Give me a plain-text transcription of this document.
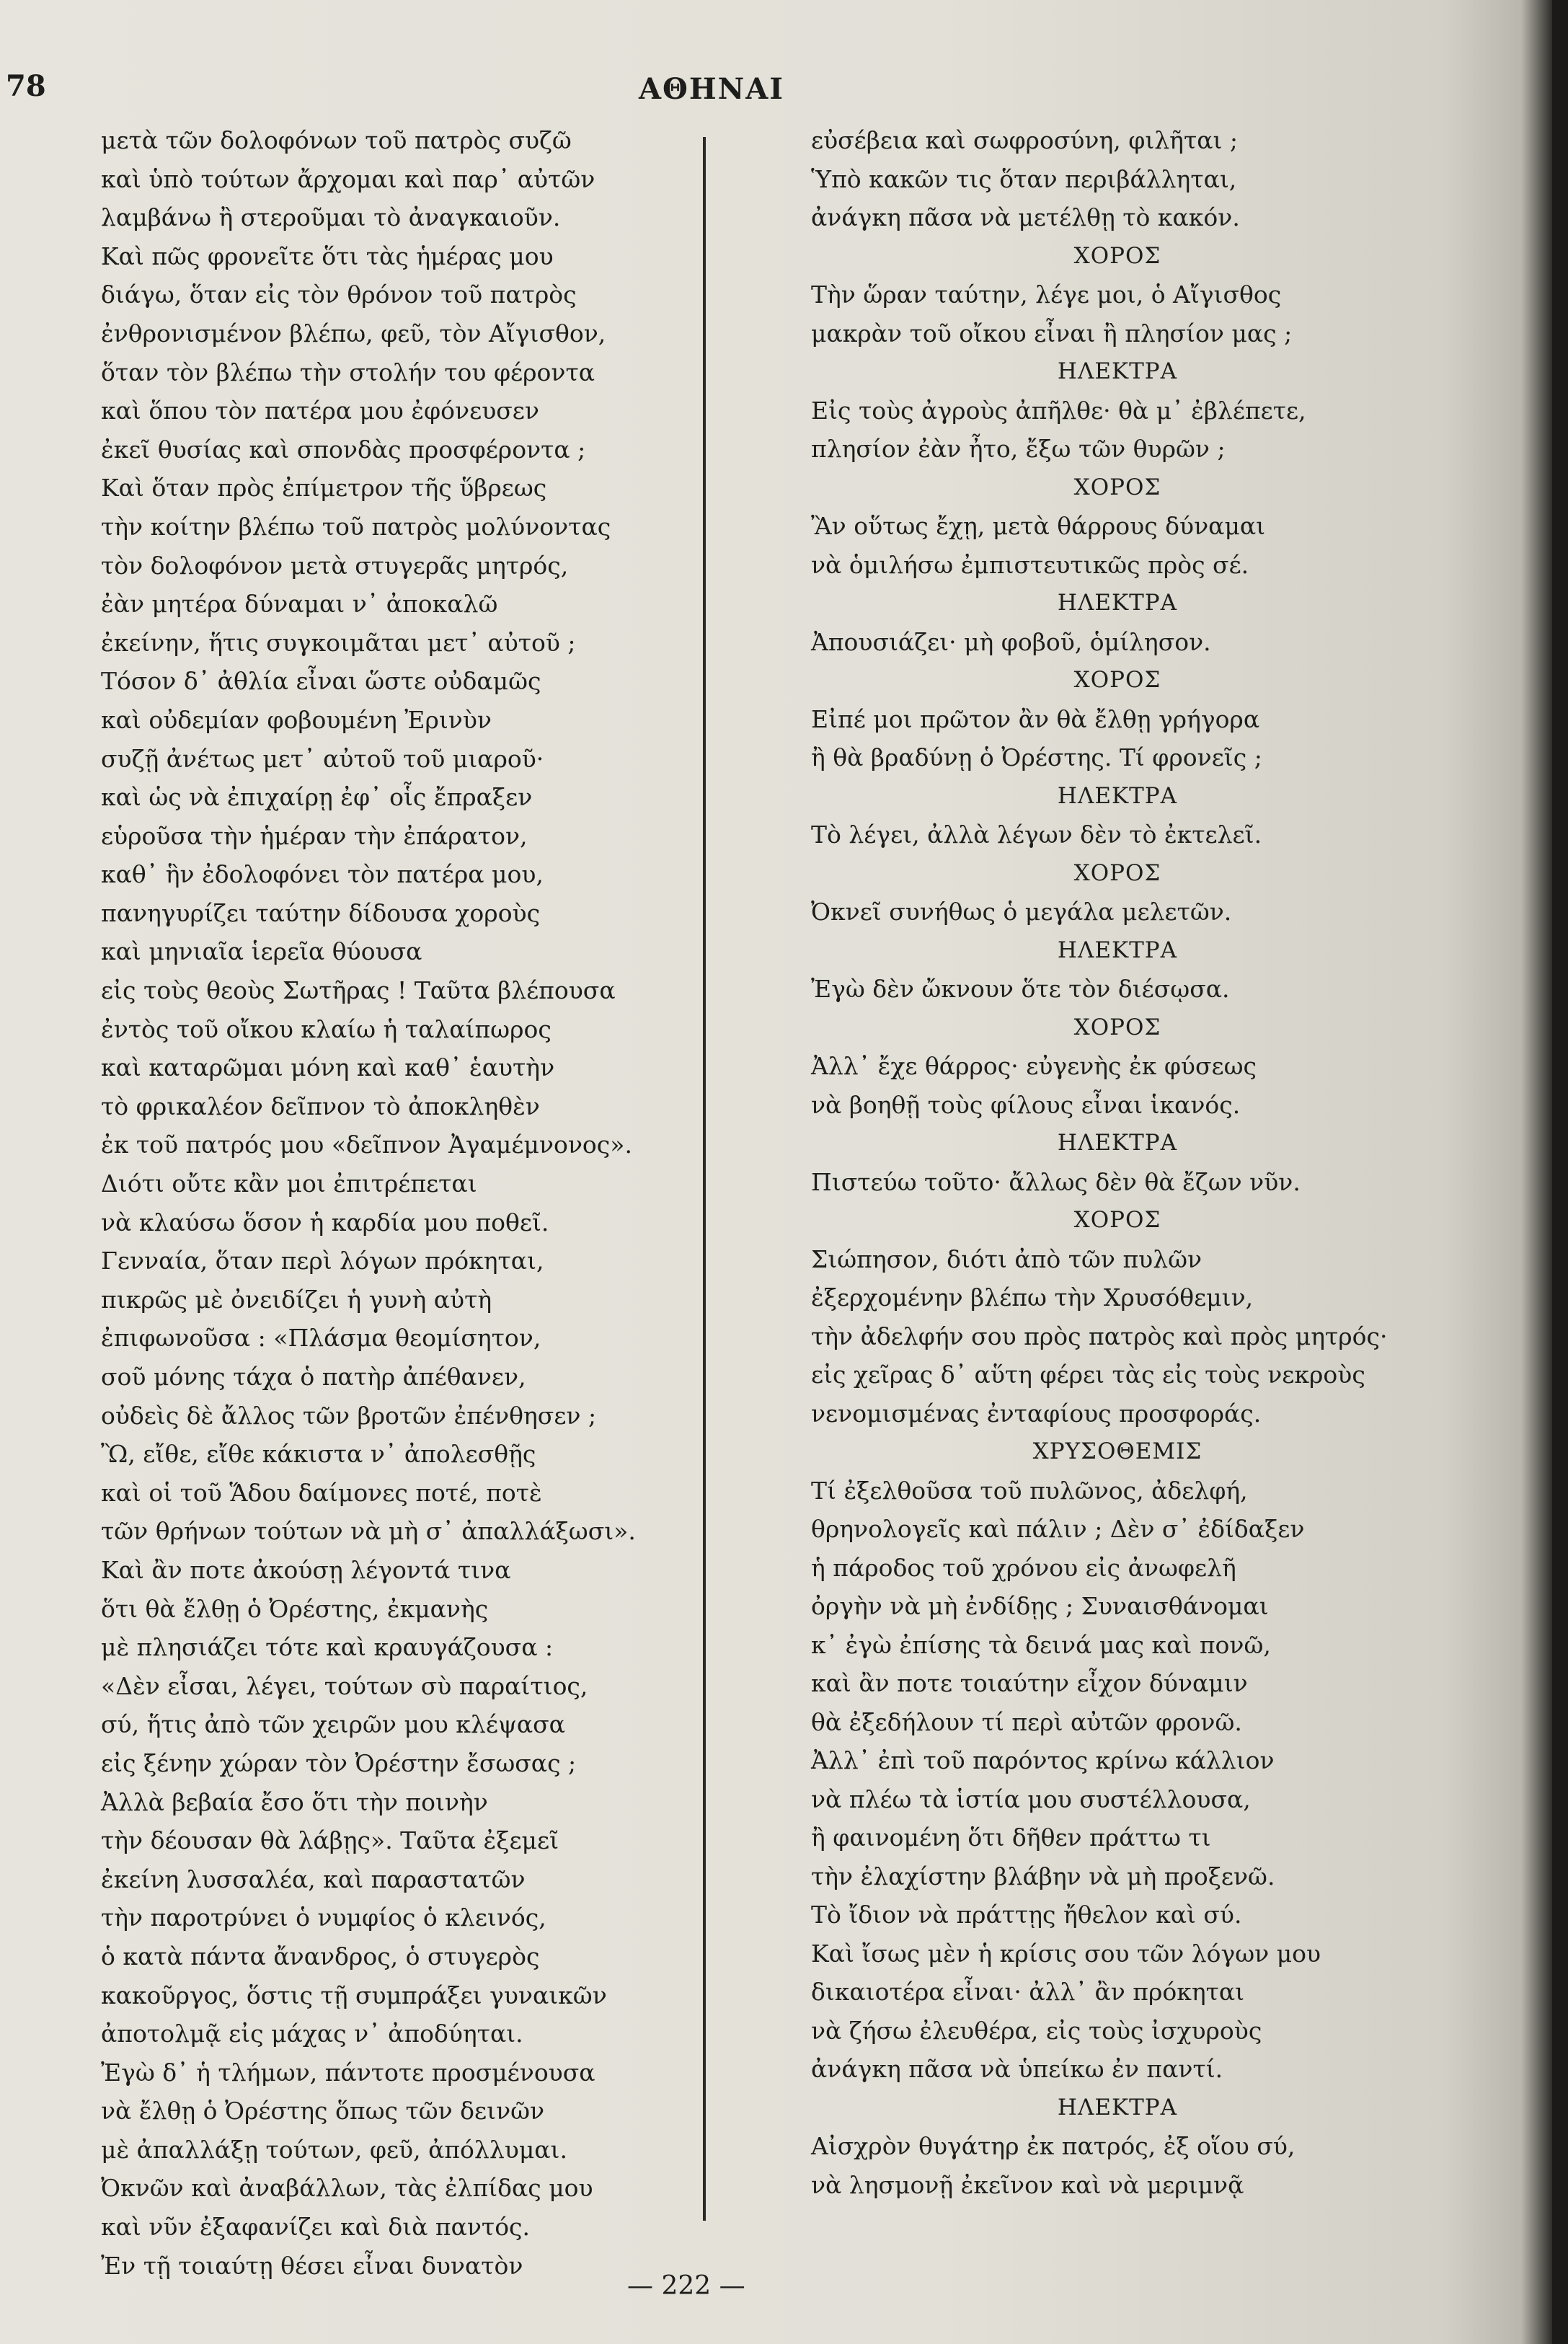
78	ΑΘΗΝΑΙ
μετὰ τῶν δολοφόνων τοῦ πατρὸς συζῶ
καὶ ὑπὸ τούτων ἄρχομαι καὶ παρ᾽ αὐτῶν
λαμβάνω ἢ στεροῦμαι τὸ ἀναγκαιοῦν.
Καὶ πῶς φρονεῖτε ὅτι τὰς ἡμέρας μου
διάγω, ὅταν εἰς τὸν θρόνον τοῦ πατρὸς
ἐνθρονισμένον βλέπω, φεῦ, τὸν Αἴγισθον,
ὅταν τὸν βλέπω τὴν στολήν του φέροντα
καὶ ὅπου τὸν πατέρα μου ἐφόνευσεν
ἐκεῖ θυσίας καὶ σπονδὰς προσφέροντα ;
Καὶ ὅταν πρὸς ἐπίμετρον τῆς ὕβρεως
τὴν κοίτην βλέπω τοῦ πατρὸς μολύνοντας
τὸν δολοφόνον μετὰ στυγερᾶς μητρός,
ἐὰν μητέρα δύναμαι ν᾽ ἀποκαλῶ
ἐκείνην, ἥτις συγκοιμᾶται μετ᾽ αὐτοῦ ;
Τόσον δ᾽ ἀθλία εἶναι ὥστε οὐδαμῶς
καὶ οὐδεμίαν φοβουμένη Ἐρινὺν
συζῇ ἀνέτως μετ᾽ αὐτοῦ τοῦ μιαροῦ·
καὶ ὡς νὰ ἐπιχαίρῃ ἐφ᾽ οἷς ἔπραξεν
εὑροῦσα τὴν ἡμέραν τὴν ἐπάρατον,
καθ᾽ ἣν ἐδολοφόνει τὸν πατέρα μου,
πανηγυρίζει ταύτην δίδουσα χοροὺς
καὶ μηνιαῖα ἱερεῖα θύουσα
εἰς τοὺς θεοὺς Σωτῆρας ! Ταῦτα βλέπουσα
ἐντὸς τοῦ οἴκου κλαίω ἡ ταλαίπωρος
καὶ καταρῶμαι μόνη καὶ καθ᾽ ἑαυτὴν
τὸ φρικαλέον δεῖπνον τὸ ἀποκληθὲν
ἐκ τοῦ πατρός μου «δεῖπνον Ἀγαμέμνονος».
Διότι οὔτε κἂν μοι ἐπιτρέπεται
νὰ κλαύσω ὅσον ἡ καρδία μου ποθεῖ.
Γενναία, ὅταν περὶ λόγων πρόκηται,
πικρῶς μὲ ὀνειδίζει ἡ γυνὴ αὐτὴ
ἐπιφωνοῦσα : «Πλάσμα θεομίσητον,
σοῦ μόνης τάχα ὁ πατὴρ ἀπέθανεν,
οὐδεὶς δὲ ἄλλος τῶν βροτῶν ἐπένθησεν ;
Ὢ, εἴθε, εἴθε κάκιστα ν᾽ ἀπολεσθῇς
καὶ οἱ τοῦ Ἅδου δαίμονες ποτέ, ποτὲ
τῶν θρήνων τούτων νὰ μὴ σ᾽ ἀπαλλάξωσι».
Καὶ ἂν ποτε ἀκούσῃ λέγοντά τινα
ὅτι θὰ ἔλθῃ ὁ Ὀρέστης, ἐκμανὴς
μὲ πλησιάζει τότε καὶ κραυγάζουσα :
«Δὲν εἶσαι, λέγει, τούτων σὺ παραίτιος,
σύ, ἥτις ἀπὸ τῶν χειρῶν μου κλέψασα
εἰς ξένην χώραν τὸν Ὀρέστην ἔσωσας ;
Ἀλλὰ βεβαία ἔσο ὅτι τὴν ποινὴν
τὴν δέουσαν θὰ λάβῃς». Ταῦτα ἐξεμεῖ
ἐκείνη λυσσαλέα, καὶ παραστατῶν
τὴν παροτρύνει ὁ νυμφίος ὁ κλεινός,
ὁ κατὰ πάντα ἄνανδρος, ὁ στυγερὸς
κακοῦργος, ὅστις τῇ συμπράξει γυναικῶν
ἀποτολμᾷ εἰς μάχας ν᾽ ἀποδύηται.
Ἐγὼ δ᾽ ἡ τλήμων, πάντοτε προσμένουσα
νὰ ἔλθῃ ὁ Ὀρέστης ὅπως τῶν δεινῶν
μὲ ἀπαλλάξῃ τούτων, φεῦ, ἀπόλλυμαι.
Ὀκνῶν καὶ ἀναβάλλων, τὰς ἐλπίδας μου
καὶ νῦν ἐξαφανίζει καὶ διὰ παντός.
Ἐν τῇ τοιαύτῃ θέσει εἶναι δυνατὸν
εὐσέβεια καὶ σωφροσύνη, φιλῆται ;
Ὑπὸ κακῶν τις ὅταν περιβάλληται,
ἀνάγκη πᾶσα νὰ μετέλθῃ τὸ κακόν.
ΧΟΡΟΣ
Τὴν ὥραν ταύτην, λέγε μοι, ὁ Αἴγισθος
μακρὰν τοῦ οἴκου εἶναι ἢ πλησίον μας ;
ΗΛΕΚΤΡΑ
Εἰς τοὺς ἀγροὺς ἀπῆλθε· θὰ μ᾽ ἐβλέπετε,
πλησίον ἐὰν ἦτο, ἔξω τῶν θυρῶν ;
ΧΟΡΟΣ
Ἂν οὕτως ἔχῃ, μετὰ θάρρους δύναμαι
νὰ ὁμιλήσω ἐμπιστευτικῶς πρὸς σέ.
ΗΛΕΚΤΡΑ
Ἀπουσιάζει· μὴ φοβοῦ, ὁμίλησον.
ΧΟΡΟΣ
Εἰπέ μοι πρῶτον ἂν θὰ ἔλθῃ γρήγορα
ἢ θὰ βραδύνῃ ὁ Ὀρέστης. Τί φρονεῖς ;
ΗΛΕΚΤΡΑ
Τὸ λέγει, ἀλλὰ λέγων δὲν τὸ ἐκτελεῖ.
ΧΟΡΟΣ
Ὀκνεῖ συνήθως ὁ μεγάλα μελετῶν.
ΗΛΕΚΤΡΑ
Ἐγὼ δὲν ὤκνουν ὅτε τὸν διέσῳσα.
ΧΟΡΟΣ
Ἀλλ᾽ ἔχε θάρρος· εὐγενὴς ἐκ φύσεως
νὰ βοηθῇ τοὺς φίλους εἶναι ἱκανός.
ΗΛΕΚΤΡΑ
Πιστεύω τοῦτο· ἄλλως δὲν θὰ ἔζων νῦν.
ΧΟΡΟΣ
Σιώπησον, διότι ἀπὸ τῶν πυλῶν
ἐξερχομένην βλέπω τὴν Χρυσόθεμιν,
τὴν ἀδελφήν σου πρὸς πατρὸς καὶ πρὸς μητρός·
εἰς χεῖρας δ᾽ αὕτη φέρει τὰς εἰς τοὺς νεκροὺς
νενομισμένας ἐνταφίους προσφοράς.
ΧΡΥΣΟΘΕΜΙΣ
Τί ἐξελθοῦσα τοῦ πυλῶνος, ἀδελφή,
θρηνολογεῖς καὶ πάλιν ; Δὲν σ᾽ ἐδίδαξεν
ἡ πάροδος τοῦ χρόνου εἰς ἀνωφελῆ
ὀργὴν νὰ μὴ ἐνδίδῃς ; Συναισθάνομαι
κ᾽ ἐγὼ ἐπίσης τὰ δεινά μας καὶ πονῶ,
καὶ ἂν ποτε τοιαύτην εἶχον δύναμιν
θὰ ἐξεδήλουν τί περὶ αὐτῶν φρονῶ.
Ἀλλ᾽ ἐπὶ τοῦ παρόντος κρίνω κάλλιον
νὰ πλέω τὰ ἱστία μου συστέλλουσα,
ἢ φαινομένη ὅτι δῆθεν πράττω τι
τὴν ἐλαχίστην βλάβην νὰ μὴ προξενῶ.
Τὸ ἴδιον νὰ πράττῃς ἤθελον καὶ σύ.
Καὶ ἴσως μὲν ἡ κρίσις σου τῶν λόγων μου
δικαιοτέρα εἶναι· ἀλλ᾽ ἂν πρόκηται
νὰ ζήσω ἐλευθέρα, εἰς τοὺς ἰσχυροὺς
ἀνάγκη πᾶσα νὰ ὑπείκω ἐν παντί.
ΗΛΕΚΤΡΑ
Αἰσχρὸν θυγάτηρ ἐκ πατρός, ἐξ οἵου σύ,
νὰ λησμονῇ ἐκεῖνον καὶ νὰ μεριμνᾷ
— 222 —
